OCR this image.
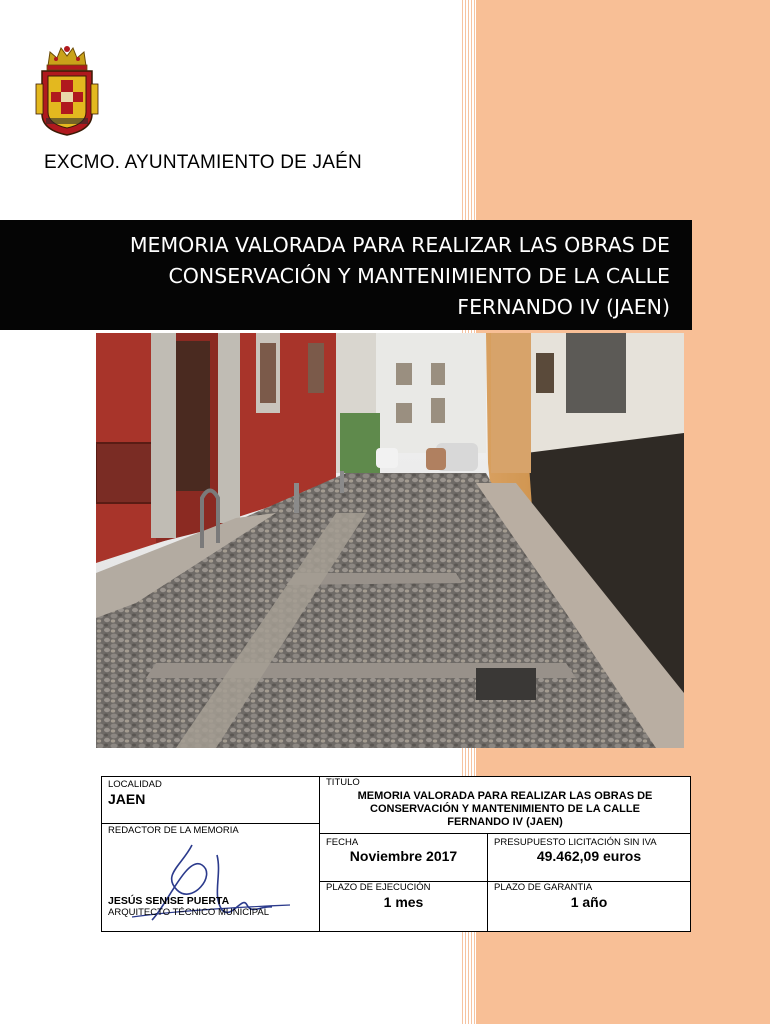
EXCMO. AYUNTAMIENTO DE JAÉN
MEMORIA VALORADA PARA REALIZAR LAS OBRAS DE
CONSERVACIÓN Y MANTENIMIENTO DE LA CALLE
FERNANDO IV (JAEN)
LOCALIDAD
JAEN
REDACTOR DE LA MEMORIA
JESÚS SENISE PUERTA
ARQUITECTO TÉCNICO MUNICIPAL
TITULO
MEMORIA VALORADA PARA REALIZAR LAS OBRAS DE
CONSERVACIÓN Y MANTENIMIENTO DE LA CALLE
FERNANDO IV (JAEN)
FECHA
Noviembre 2017
PRESUPUESTO LICITACIÓN SIN IVA
49.462,09 euros
PLAZO DE EJECUCIÓN
1 mes
PLAZO DE GARANTIA
1 año
